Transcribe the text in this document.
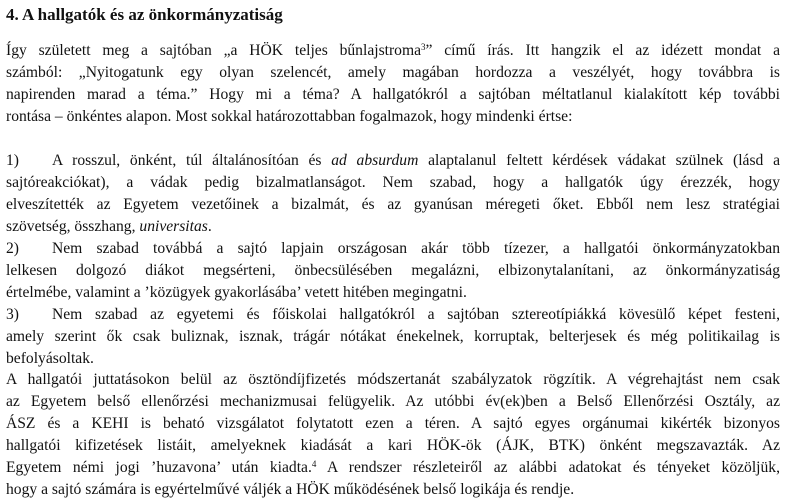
4. A hallgatók és az önkormányzatiság
Így született meg a sajtóban „a HÖK teljes bűnlajstroma$^3$” című írás. Itt hangzik el az idézett mondat a
számból: „Nyitogatunk egy olyan szelencét, amely magában hordozza a veszélyét, hogy továbbra is
napirenden marad a téma.” Hogy mi a téma? A hallgatókról a sajtóban méltatlanul kialakított kép további
rontása – önkéntes alapon. Most sokkal határozottabban fogalmazok, hogy mindenki értse:
1) A rosszul, önként, túl általánosítóan és ad absurdum alaptalanul feltett kérdések vádakat szülnek (lásd a
sajtóreakciókat), a vádak pedig bizalmatlanságot. Nem szabad, hogy a hallgatók úgy érezzék, hogy
elveszítették az Egyetem vezetőinek a bizalmát, és az gyanúsan méregeti őket. Ebből nem lesz stratégiai
szövetség, összhang, universitas.
2) Nem szabad továbbá a sajtó lapjain országosan akár több tízezer, a hallgatói önkormányzatokban
lelkesen dolgozó diákot megsérteni, önbecsülésében megalázni, elbizonytalanítani, az önkormányzatiság
értelmébe, valamint a ’közügyek gyakorlásába’ vetett hitében megingatni.
3) Nem szabad az egyetemi és főiskolai hallgatókról a sajtóban sztereotípiákká kövesülő képet festeni,
amely szerint ők csak buliznak, isznak, trágár nótákat énekelnek, korruptak, belterjesek és még politikailag is
befolyásoltak.
A hallgatói juttatásokon belül az ösztöndíjfizetés módszertanát szabályzatok rögzítik. A végrehajtást nem csak
az Egyetem belső ellenőrzési mechanizmusai felügyelik. Az utóbbi év(ek)ben a Belső Ellenőrzési Osztály, az
ÁSZ és a KEHI is beható vizsgálatot folytatott ezen a téren. A sajtó egyes orgánumai kikérték bizonyos
hallgatói kifizetések listáit, amelyeknek kiadását a kari HÖK-ök (ÁJK, BTK) önként megszavazták. Az
Egyetem némi jogi ’huzavona’ után kiadta.$^4$ A rendszer részleteiről az alábbi adatokat és tényeket közöljük,
hogy a sajtó számára is egyértelművé váljék a HÖK működésének belső logikája és rendje.
